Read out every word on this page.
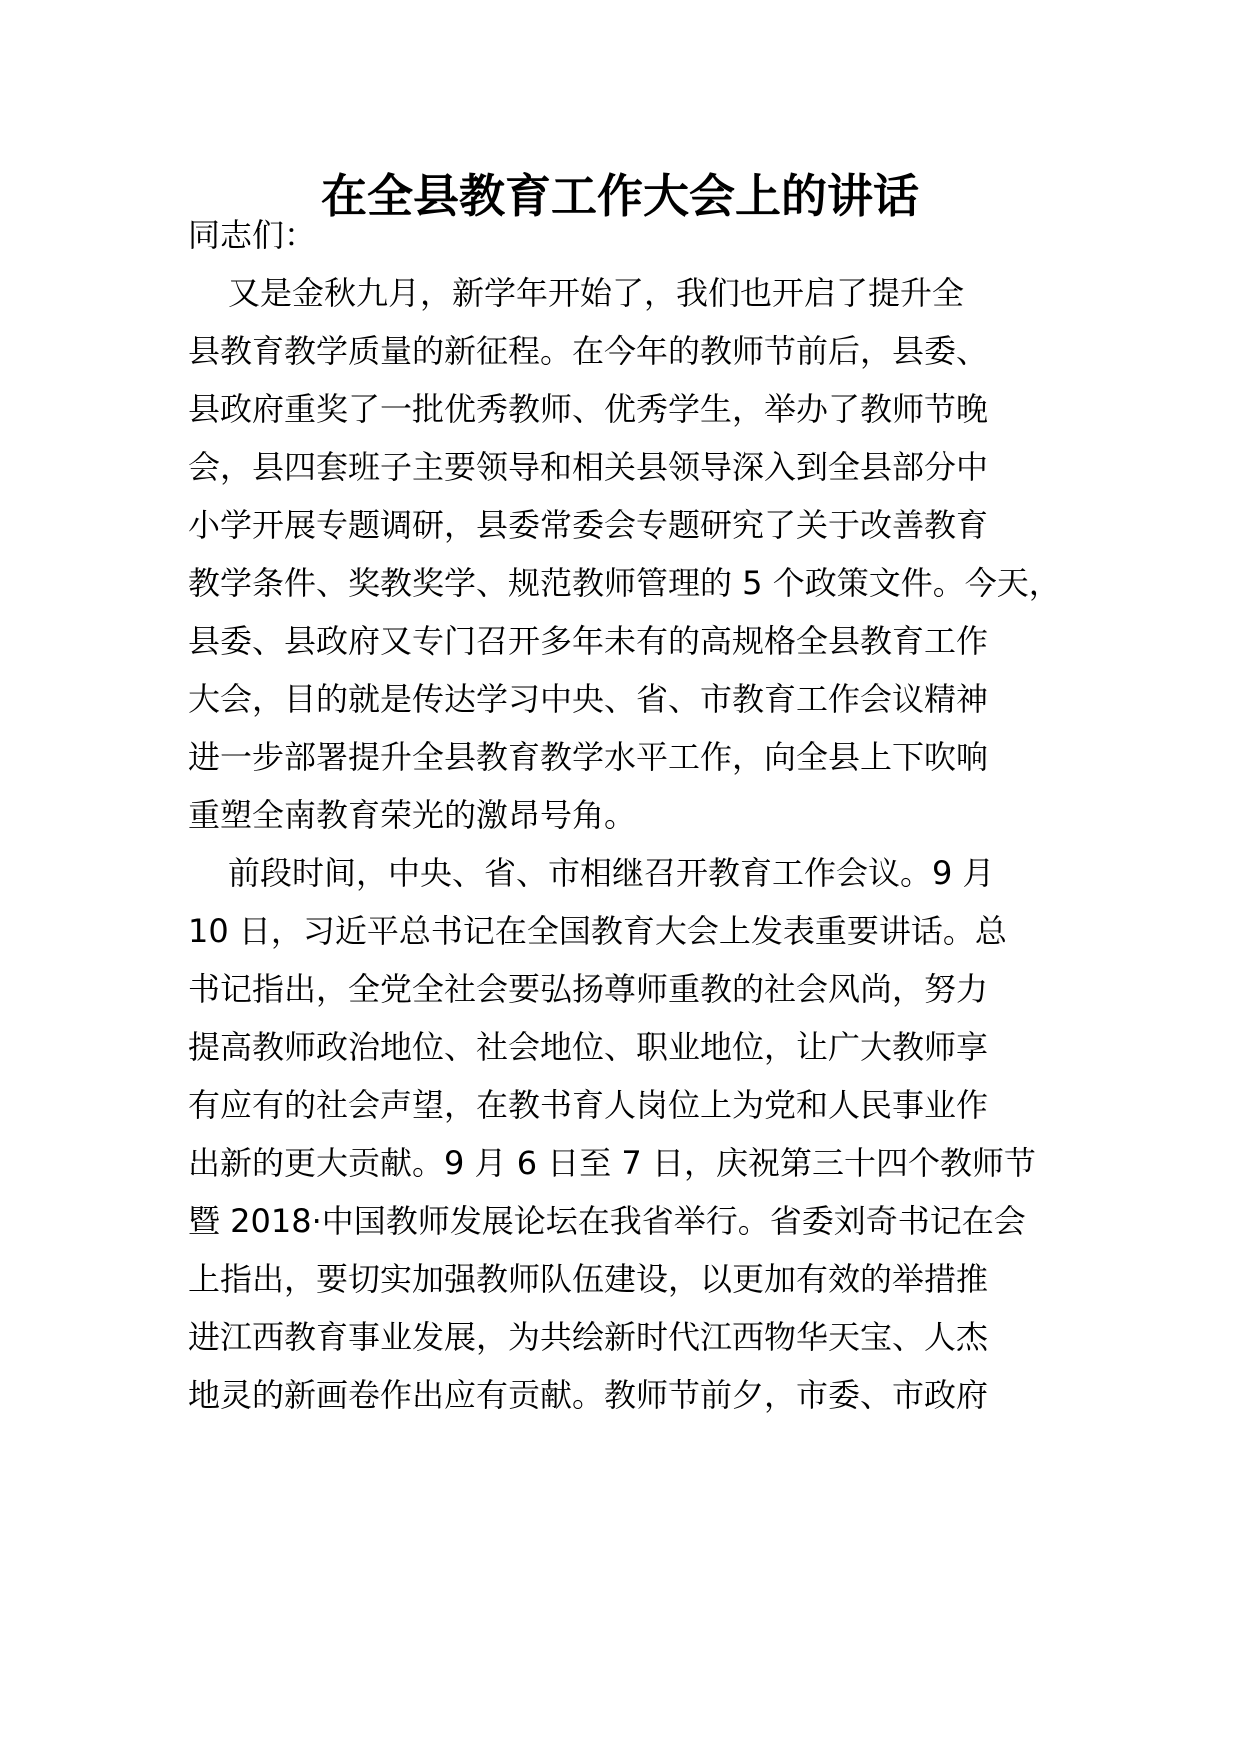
在全县教育工作大会上的讲话
同志们：
又是金秋九月，新学年开始了，我们也开启了提升全
县教育教学质量的新征程。在今年的教师节前后，县委、
县政府重奖了一批优秀教师、优秀学生，举办了教师节晚
会，县四套班子主要领导和相关县领导深入到全县部分中
小学开展专题调研，县委常委会专题研究了关于改善教育
教学条件、奖教奖学、规范教师管理的 5 个政策文件。今天，
县委、县政府又专门召开多年未有的高规格全县教育工作
大会，目的就是传达学习中央、省、市教育工作会议精神
进一步部署提升全县教育教学水平工作，向全县上下吹响
重塑全南教育荣光的激昂号角。
前段时间，中央、省、市相继召开教育工作会议。9 月
10 日，习近平总书记在全国教育大会上发表重要讲话。总
书记指出，全党全社会要弘扬尊师重教的社会风尚，努力
提高教师政治地位、社会地位、职业地位，让广大教师享
有应有的社会声望，在教书育人岗位上为党和人民事业作
出新的更大贡献。9 月 6 日至 7 日，庆祝第三十四个教师节
暨 2018·中国教师发展论坛在我省举行。省委刘奇书记在会
上指出，要切实加强教师队伍建设，以更加有效的举措推
进江西教育事业发展，为共绘新时代江西物华天宝、人杰
地灵的新画卷作出应有贡献。教师节前夕，市委、市政府
